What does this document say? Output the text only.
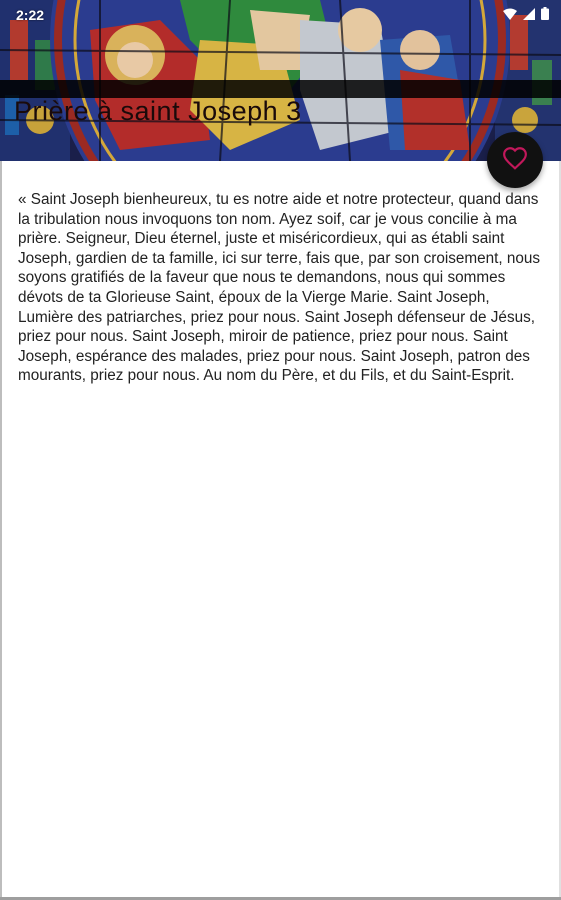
2:22
Prière à saint Joseph 3
« Saint Joseph bienheureux, tu es notre aide et notre protecteur, quand dans la tribulation nous invoquons ton nom. Ayez soif, car je vous concilie à ma prière. Seigneur, Dieu éternel, juste et miséricordieux, qui as établi saint Joseph, gardien de ta famille, ici sur terre, fais que, par son croisement, nous soyons gratifiés de la faveur que nous te demandons, nous qui sommes dévots de ta Glorieuse Saint, époux de la Vierge Marie. Saint Joseph, Lumière des patriarches, priez pour nous. Saint Joseph défenseur de Jésus, priez pour nous. Saint Joseph, miroir de patience, priez pour nous. Saint Joseph, espérance des malades, priez pour nous. Saint Joseph, patron des mourants, priez pour nous. Au nom du Père, et du Fils, et du Saint-Esprit.
